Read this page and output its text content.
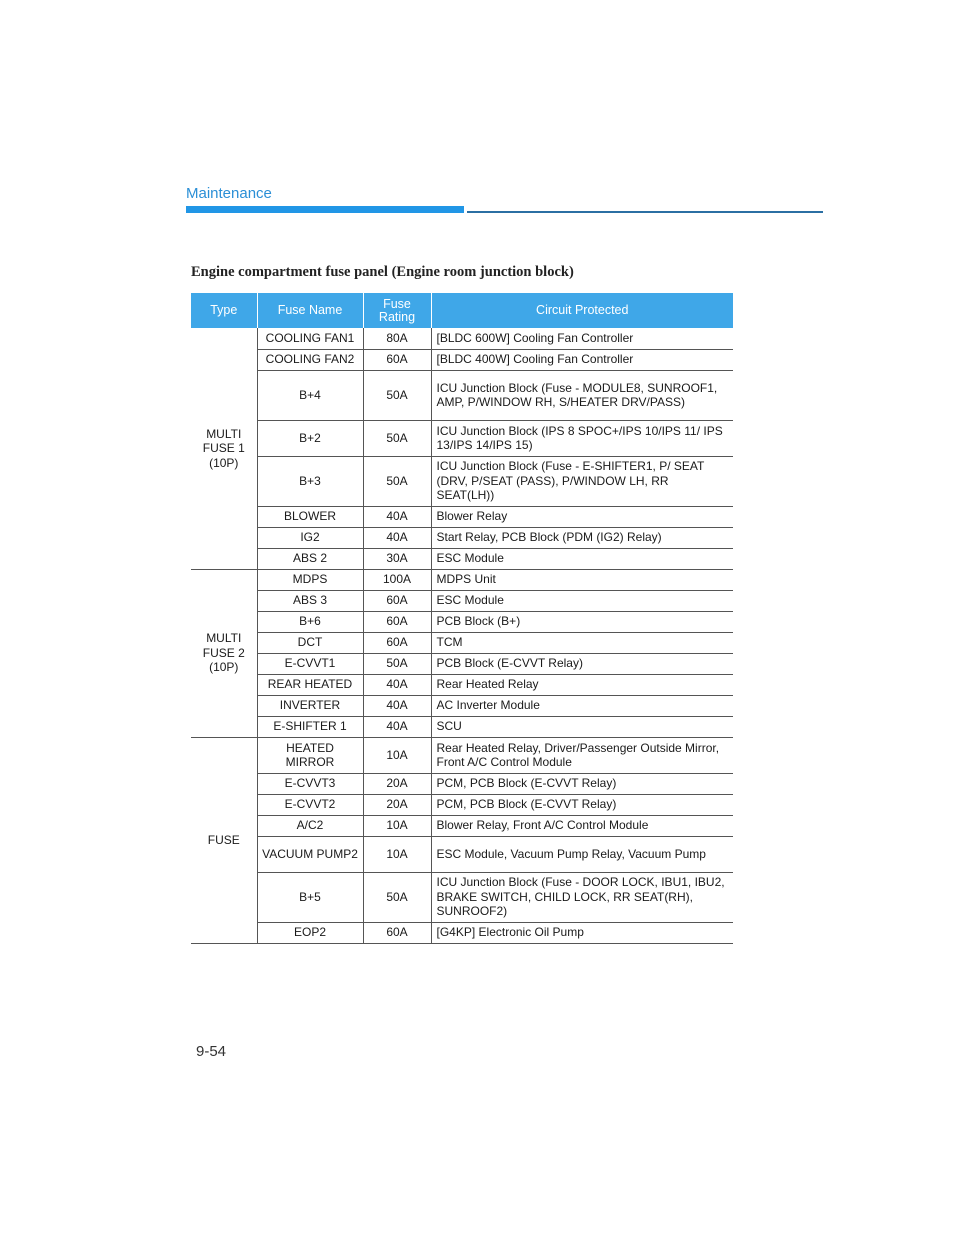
Maintenance
Engine compartment fuse panel (Engine room junction block)
Type	Fuse Name	Fuse Rating	Circuit Protected
MULTI FUSE 1 (10P)	COOLING FAN1	80A	[BLDC 600W] Cooling Fan Controller
	COOLING FAN2	60A	[BLDC 400W] Cooling Fan Controller
	B+4	50A	ICU Junction Block (Fuse - MODULE8, SUNROOF1, AMP, P/WINDOW RH, S/HEATER DRV/PASS)
	B+2	50A	ICU Junction Block (IPS 8 SPOC+/IPS 10/IPS 11/ IPS 13/IPS 14/IPS 15)
	B+3	50A	ICU Junction Block (Fuse - E-SHIFTER1, P/ SEAT (DRV, P/SEAT (PASS), P/WINDOW LH, RR SEAT(LH))
	BLOWER	40A	Blower Relay
	IG2	40A	Start Relay, PCB Block (PDM (IG2) Relay)
	ABS 2	30A	ESC Module
MULTI FUSE 2 (10P)	MDPS	100A	MDPS Unit
	ABS 3	60A	ESC Module
	B+6	60A	PCB Block (B+)
	DCT	60A	TCM
	E-CVVT1	50A	PCB Block (E-CVVT Relay)
	REAR HEATED	40A	Rear Heated Relay
	INVERTER	40A	AC Inverter Module
	E-SHIFTER 1	40A	SCU
FUSE	HEATED MIRROR	10A	Rear Heated Relay, Driver/Passenger Outside Mirror, Front A/C Control Module
	E-CVVT3	20A	PCM, PCB Block (E-CVVT Relay)
	E-CVVT2	20A	PCM, PCB Block (E-CVVT Relay)
	A/C2	10A	Blower Relay, Front A/C Control Module
	VACUUM PUMP2	10A	ESC Module, Vacuum Pump Relay, Vacuum Pump
	B+5	50A	ICU Junction Block (Fuse - DOOR LOCK, IBU1, IBU2, BRAKE SWITCH, CHILD LOCK, RR SEAT(RH), SUNROOF2)
	EOP2	60A	[G4KP] Electronic Oil Pump
9-54
